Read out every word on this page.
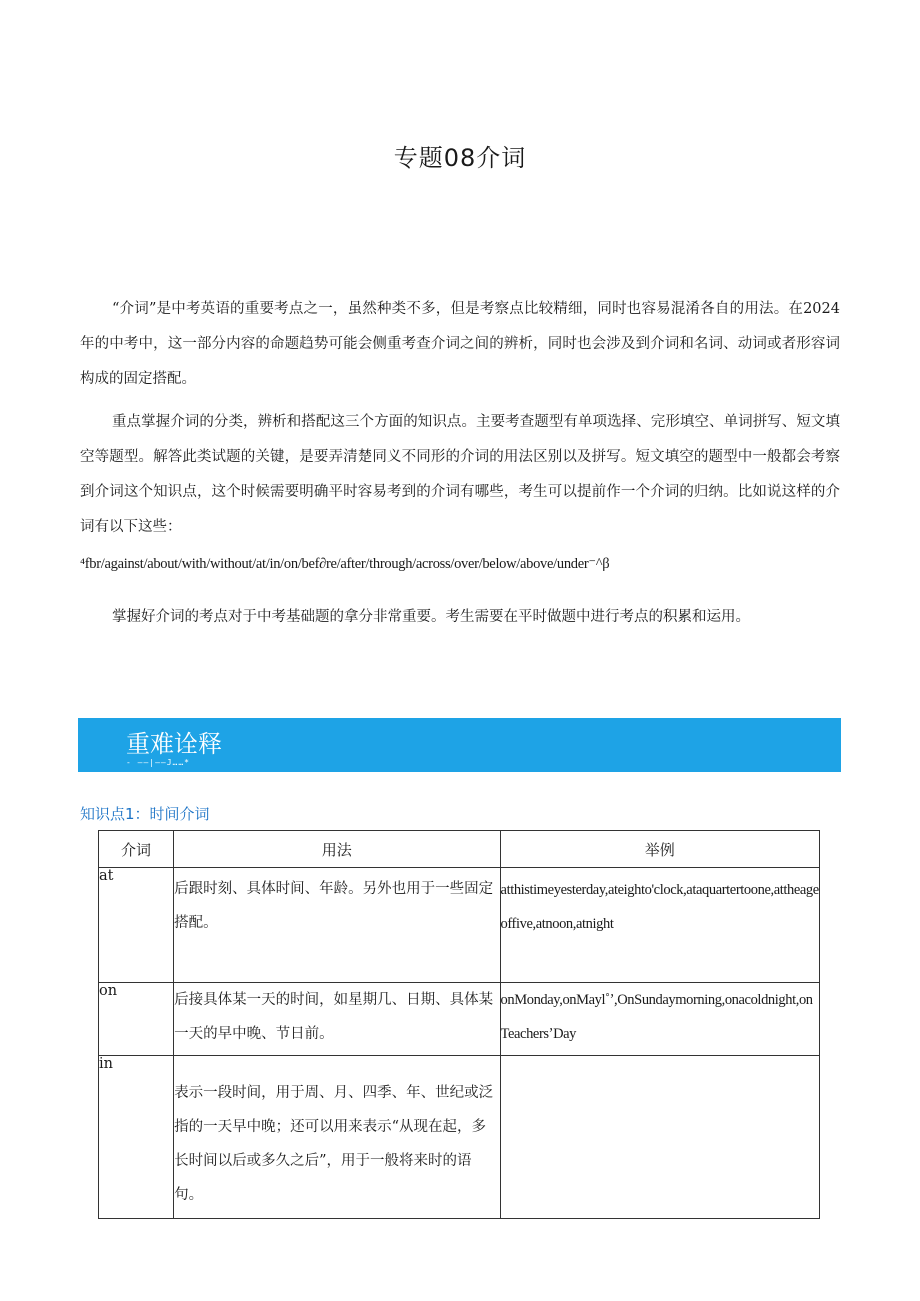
专题08介词

“介词”是中考英语的重要考点之一，虽然种类不多，但是考察点比较精细，同时也容易混淆各自的用法。在2024年的中考中，这一部分内容的命题趋势可能会侧重考查介词之间的辨析，同时也会涉及到介词和名词、动词或者形容词构成的固定搭配。

重点掌握介词的分类，辨析和搭配这三个方面的知识点。主要考查题型有单项选择、完形填空、单词拼写、短文填空等题型。解答此类试题的关键，是要弄清楚同义不同形的介词的用法区别以及拼写。短文填空的题型中一般都会考察到介词这个知识点，这个时候需要明确平时容易考到的介词有哪些，考生可以提前作一个介词的归纳。比如说这样的介词有以下这些：

⁴fbr/against/about/with/without/at/in/on/bef∂re/after/through/across/over/below/above/under⁻^β

掌握好介词的考点对于中考基础题的拿分非常重要。考生需要在平时做题中进行考点的积累和运用。

重难诠释
- ——|——J……*
知识点1：时间介词
介词	用法	举例
at	后跟时刻、具体时间、年龄。另外也用于一些固定搭配。	atthistimeyesterday,ateighto'clock,ataquartertoone,attheageoffive,atnoon,atnight
on	后接具体某一天的时间，如星期几、日期、具体某一天的早中晚、节日前。	onMonday,onMayl˚ʼ,OnSundaymorning,onacoldnight,onTeachersʼDay
in	表示一段时间，用于周、月、四季、年、世纪或泛指的一天早中晚；还可以用来表示“从现在起，多长时间以后或多久之后”，用于一般将来时的语句。	
